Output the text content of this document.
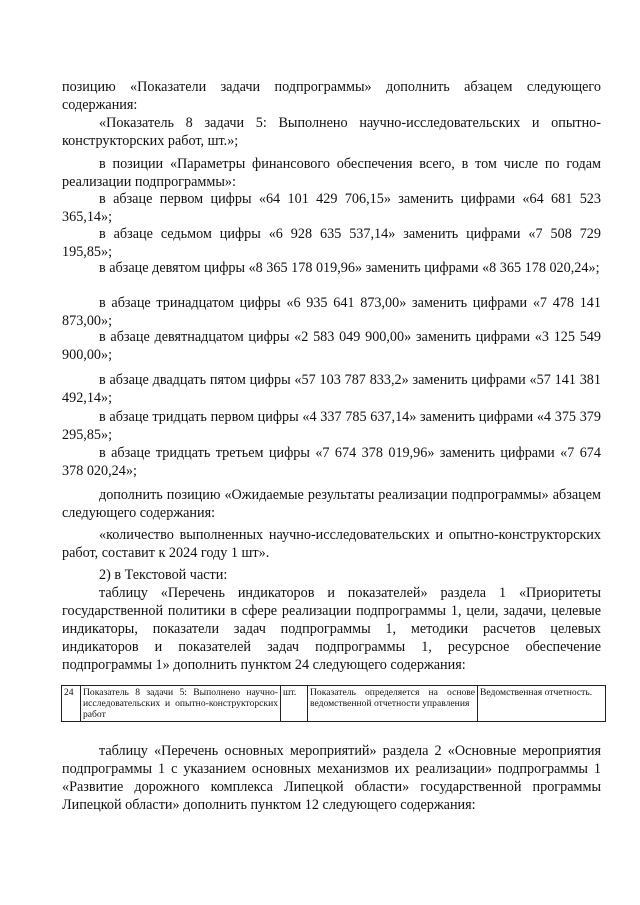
позицию «Показатели задачи подпрограммы» дополнить абзацем следующего содержания:

«Показатель 8 задачи 5: Выполнено научно-исследовательских и опытно-конструкторских работ, шт.»;

в позиции «Параметры финансового обеспечения всего, в том числе по годам реализации подпрограммы»:

в абзаце первом цифры «64 101 429 706,15» заменить цифрами «64 681 523 365,14»;

в абзаце седьмом цифры «6 928 635 537,14» заменить цифрами «7 508 729 195,85»;

в абзаце девятом цифры «8 365 178 019,96» заменить цифрами «8 365 178 020,24»;

в абзаце тринадцатом цифры «6 935 641 873,00» заменить цифрами «7 478 141 873,00»;

в абзаце девятнадцатом цифры «2 583 049 900,00» заменить цифрами «3 125 549 900,00»;

в абзаце двадцать пятом цифры «57 103 787 833,2» заменить цифрами «57 141 381 492,14»;

в абзаце тридцать первом цифры «4 337 785 637,14» заменить цифрами «4 375 379 295,85»;

в абзаце тридцать третьем цифры «7 674 378 019,96» заменить цифрами «7 674 378 020,24»;

дополнить позицию «Ожидаемые результаты реализации подпрограммы» абзацем следующего содержания:

«количество выполненных научно-исследовательских и опытно-конструкторских работ, составит к 2024 году 1 шт».

2) в Текстовой части:

таблицу «Перечень индикаторов и показателей» раздела 1 «Приоритеты государственной политики в сфере реализации подпрограммы 1, цели, задачи, целевые индикаторы, показатели задач подпрограммы 1, методики расчетов целевых индикаторов и показателей задач подпрограммы 1, ресурсное обеспечение подпрограммы 1» дополнить пунктом 24 следующего содержания:

24	Показатель 8 задачи 5: Выполнено научно-исследовательских и опытно-конструкторских работ	шт.	Показатель определяется на основе ведомственной отчетности управления	Ведомственная отчетность.

таблицу «Перечень основных мероприятий» раздела 2 «Основные мероприятия подпрограммы 1 с указанием основных механизмов их реализации» подпрограммы 1 «Развитие дорожного комплекса Липецкой области» государственной программы Липецкой области» дополнить пунктом 12 следующего содержания:
